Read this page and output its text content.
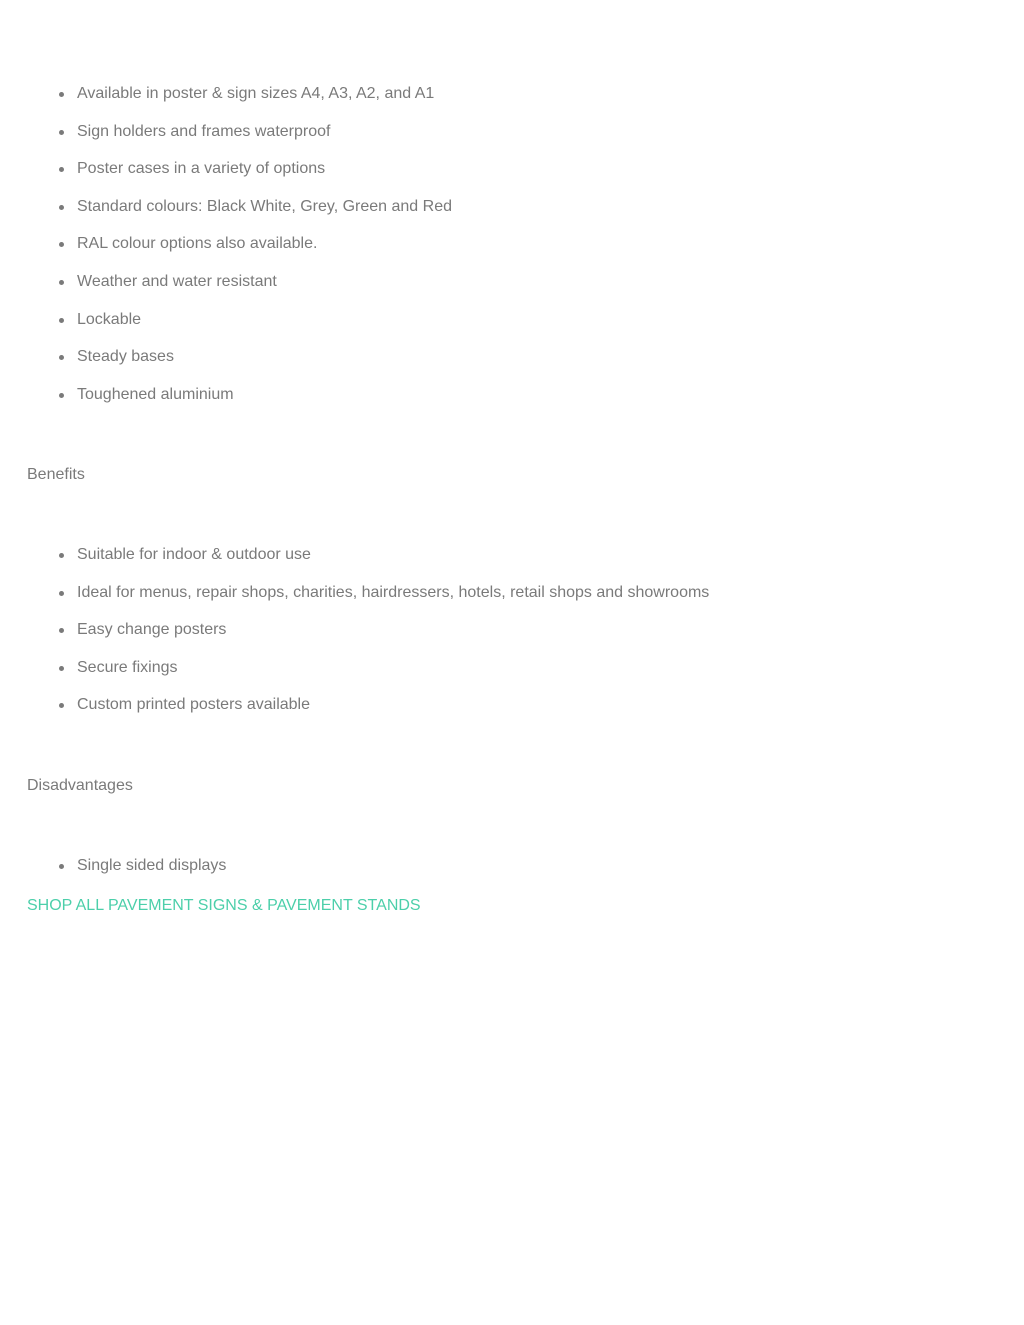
Available in poster & sign sizes A4, A3, A2, and A1
Sign holders and frames waterproof
Poster cases in a variety of options
Standard colours: Black White, Grey, Green and Red
RAL colour options also available.
Weather and water resistant
Lockable
Steady bases
Toughened aluminium
Benefits
Suitable for indoor & outdoor use
Ideal for menus, repair shops, charities, hairdressers, hotels, retail shops and showrooms
Easy change posters
Secure fixings
Custom printed posters available
Disadvantages
Single sided displays
SHOP ALL PAVEMENT SIGNS & PAVEMENT STANDS
